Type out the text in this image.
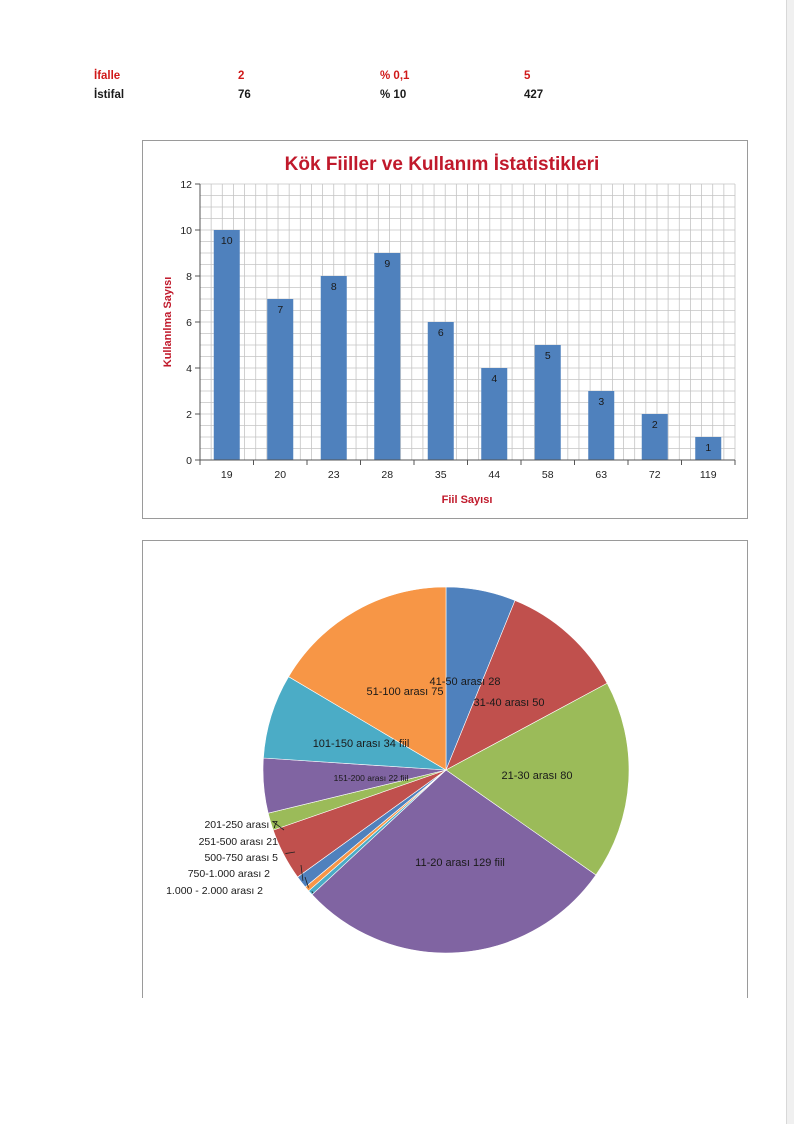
İfalle	2	% 0,1	5
İstifal	76	% 10	427
Kök Fiiller ve Kullanım İstatistikleri
10
19
7
20
8
23
9
28
6
35
4
44
5
58
3
63
2
72
1
119
0
2
4
6
8
10
12
Fiil Sayısı
Kullanılma Sayısı
41-50 arası 28
31-40 arası 50
21-30 arası 80
11-20 arası 129 fiil
151-200 arası 22 fiil
101-150 arası 34 fiil
51-100 arası 75
1.000 - 2.000 arası 2
750-1.000 arası 2
500-750 arası 5
251-500 arası 21
201-250 arası 7
